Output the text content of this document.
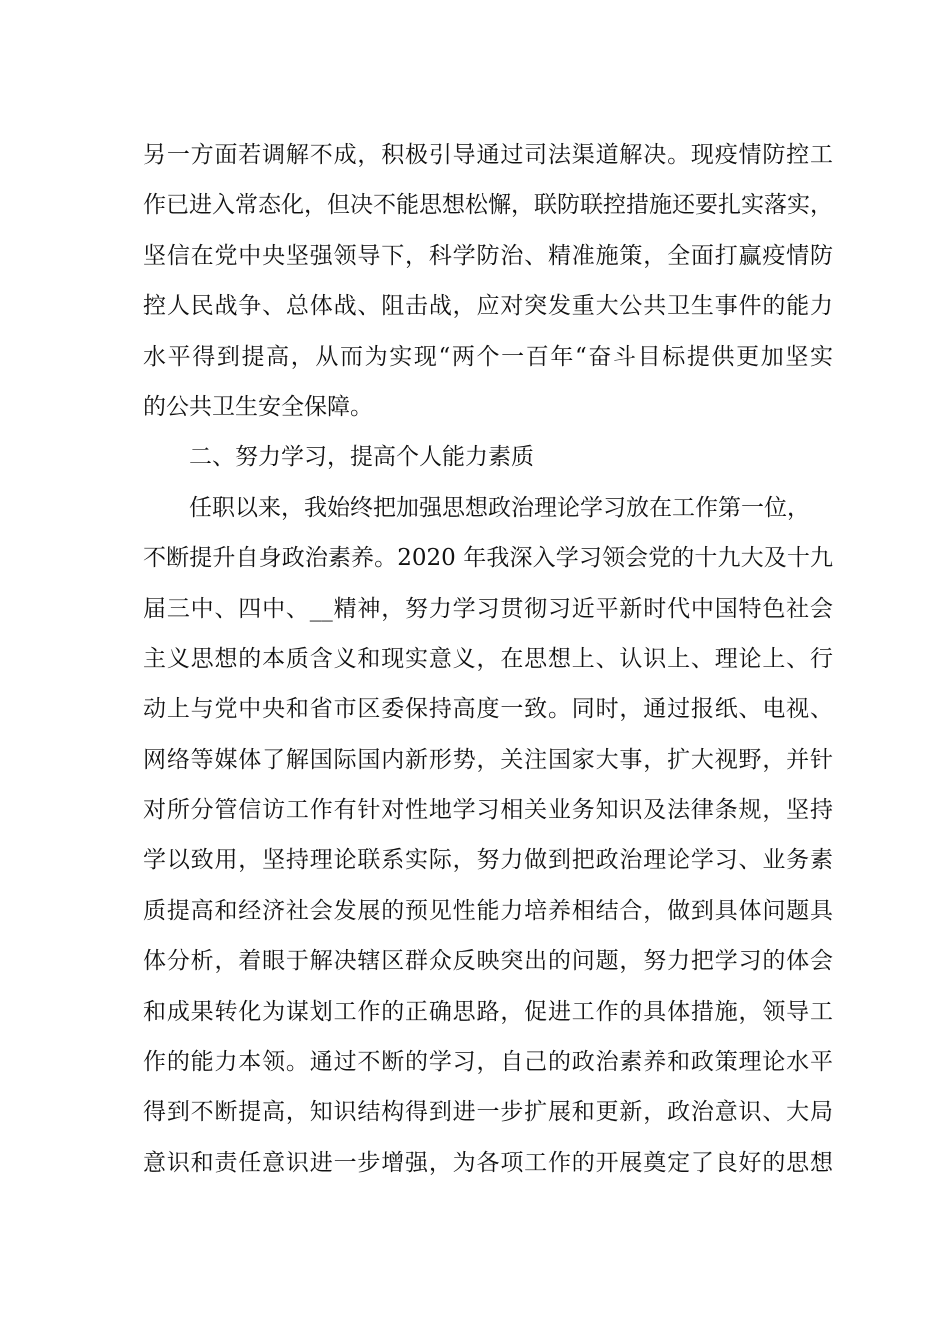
另一方面若调解不成，积极引导通过司法渠道解决。现疫情防控工
作已进入常态化，但决不能思想松懈，联防联控措施还要扎实落实，
坚信在党中央坚强领导下，科学防治、精准施策，全面打赢疫情防
控人民战争、总体战、阻击战，应对突发重大公共卫生事件的能力
水平得到提高，从而为实现“两个一百年“奋斗目标提供更加坚实
的公共卫生安全保障。
二、努力学习，提高个人能力素质
任职以来，我始终把加强思想政治理论学习放在工作第一位，
不断提升自身政治素养。2020 年我深入学习领会党的十九大及十九
届三中、四中、__精神，努力学习贯彻习近平新时代中国特色社会
主义思想的本质含义和现实意义，在思想上、认识上、理论上、行
动上与党中央和省市区委保持高度一致。同时，通过报纸、电视、
网络等媒体了解国际国内新形势，关注国家大事，扩大视野，并针
对所分管信访工作有针对性地学习相关业务知识及法律条规，坚持
学以致用，坚持理论联系实际，努力做到把政治理论学习、业务素
质提高和经济社会发展的预见性能力培养相结合，做到具体问题具
体分析，着眼于解决辖区群众反映突出的问题，努力把学习的体会
和成果转化为谋划工作的正确思路，促进工作的具体措施，领导工
作的能力本领。通过不断的学习，自己的政治素养和政策理论水平
得到不断提高，知识结构得到进一步扩展和更新，政治意识、大局
意识和责任意识进一步增强，为各项工作的开展奠定了良好的思想
